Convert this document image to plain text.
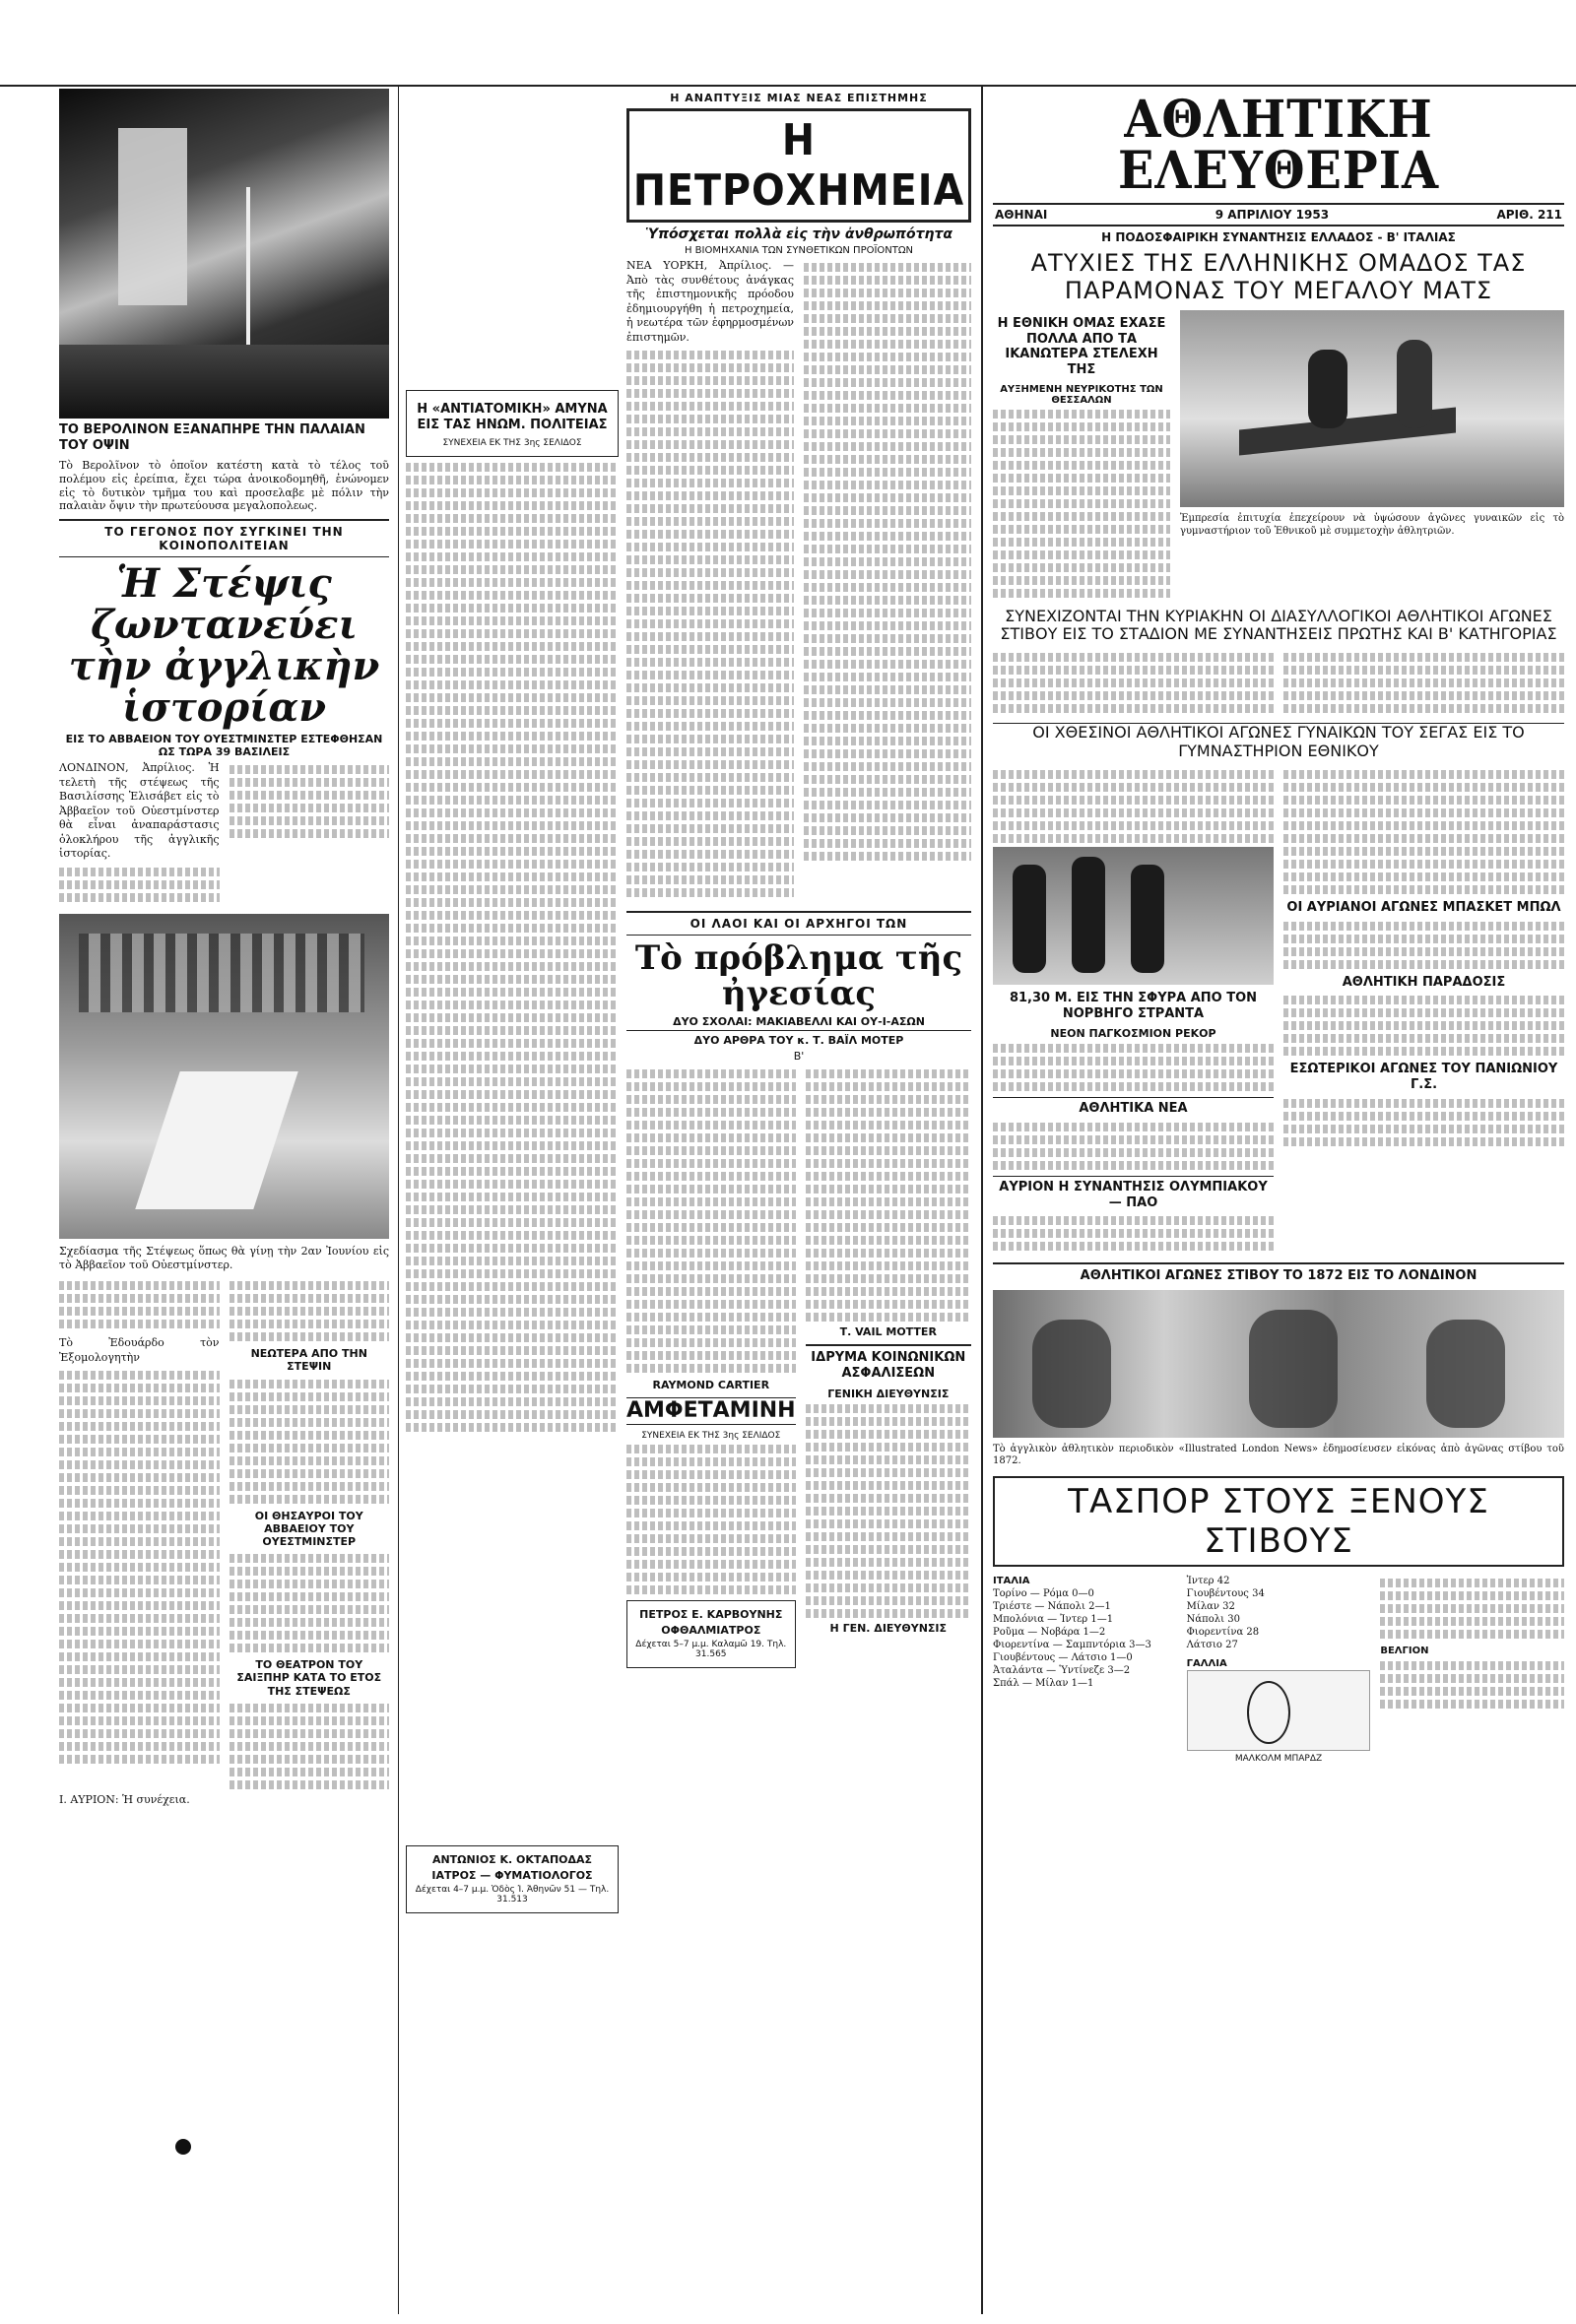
ΤΟ ΒΕΡΟΛΙΝΟΝ ΕΞΑΝΑΠΗΡΕ ΤΗΝ ΠΑΛΑΙΑΝ ΤΟΥ ΟΨΙΝ
Τὸ Βερολῖνον τὸ ὁποῖον κατέστη κατὰ τὸ τέλος τοῦ πολέμου εἰς ἐρείπια, ἔχει τώρα ἀνοικοδομηθῆ, ἐνώνομεν εἰς τὸ δυτικὸν τμῆμα του καὶ προσελαβε μὲ πόλιν τὴν παλαιὰν ὄψιν τὴν πρωτεύουσα μεγαλοπολεως.
ΤΟ ΓΕΓΟΝΟΣ ΠΟΥ ΣΥΓΚΙΝΕΙ ΤΗΝ ΚΟΙΝΟΠΟΛΙΤΕΙΑΝ
Ἡ Στέψις ζωντανεύει τὴν ἀγγλικὴν ἱστορίαν
ΕΙΣ ΤΟ ΑΒΒΑΕΙΟΝ ΤΟΥ ΟΥΕΣΤΜΙΝΣΤΕΡ ΕΣΤΕΦΘΗΣΑΝ ΩΣ ΤΩΡΑ 39 ΒΑΣΙΛΕΙΣ

ΛΟΝΔΙΝΟΝ, Ἀπρίλιος. Ἡ τελετὴ τῆς στέψεως τῆς Βασιλίσσης Ἐλισάβετ εἰς τὸ Ἀββαεῖον τοῦ Οὐεστμίνστερ θὰ εἶναι ἀναπαράστασις ὁλοκλήρου τῆς ἀγγλικῆς ἱστορίας.

Σχεδίασμα τῆς Στέψεως ὅπως θὰ γίνῃ τὴν 2αν Ἰουνίου εἰς τὸ Ἀββαεῖον τοῦ Οὐεστμίνστερ.

Τὸ Ἐδουάρδο τὸν Ἐξομολογητὴν	ΝΕΩΤΕΡΑ ΑΠΟ ΤΗΝ ΣΤΕΨΙΝ
ΟΙ ΘΗΣΑΥΡΟΙ ΤΟΥ ΑΒΒΑΕΙΟΥ ΤΟΥ ΟΥΕΣΤΜΙΝΣΤΕΡ
ΤΟ ΘΕΑΤΡΟΝ ΤΟΥ ΣΑΙΞΠΗΡ ΚΑΤΑ ΤΟ ΕΤΟΣ ΤΗΣ ΣΤΕΨΕΩΣ

Ι. ΑΥΡΙΟΝ: Ἡ συνέχεια.

Η «ΑΝΤΙΑΤΟΜΙΚΗ» ΑΜΥΝΑ ΕΙΣ ΤΑΣ ΗΝΩΜ. ΠΟΛΙΤΕΙΑΣ
ΣΥΝΕΧΕΙΑ ΕΚ ΤΗΣ 3ης ΣΕΛΙΔΟΣ
ΑΝΤΩΝΙΟΣ Κ. ΟΚΤΑΠΟΔΑΣ
ΙΑΤΡΟΣ — ΦΥΜΑΤΙΟΛΟΓΟΣ
Δέχεται 4–7 μ.μ. Ὁδὸς Ἰ. Ἀθηνῶν 51 — Τηλ. 31.513
Η ΑΝΑΠΤΥΞΙΣ ΜΙΑΣ ΝΕΑΣ ΕΠΙΣΤΗΜΗΣ
Η ΠΕΤΡΟΧΗΜΕΙΑ
Ὑπόσχεται πολλὰ εἰς τὴν ἀνθρωπότητα
Η ΒΙΟΜΗΧΑΝΙΑ ΤΩΝ ΣΥΝΘΕΤΙΚΩΝ ΠΡΟΪΟΝΤΩΝ

ΝΕΑ ΥΟΡΚΗ, Ἀπρίλιος. — Ἀπὸ τὰς συνθέτους ἀνάγκας τῆς ἐπιστημονικῆς πρόοδου ἐδημιουργήθη ἡ πετροχημεία, ἡ νεωτέρα τῶν ἐφηρμοσμένων ἐπιστημῶν.

ΟΙ ΛΑΟΙ ΚΑΙ ΟΙ ΑΡΧΗΓΟΙ ΤΩΝ
Τὸ πρόβλημα τῆς ἠγεσίας
ΔΥΟ ΣΧΟΛΑΙ: ΜΑΚΙΑΒΕΛΛΙ ΚΑΙ ΟΥ-Ι-ΑΣΩΝ
ΔΥΟ ΑΡΘΡΑ ΤΟΥ κ. Τ. ΒΑΪΛ ΜΟΤΕΡ
Β'
RAYMOND CARTIER
ΑΜΦΕΤΑΜΙΝΗ
ΣΥΝΕΧΕΙΑ ΕΚ ΤΗΣ 3ης ΣΕΛΙΔΟΣ
ΠΕΤΡΟΣ Ε. ΚΑΡΒΟΥΝΗΣ
ΟΦΘΑΛΜΙΑΤΡΟΣ
Δέχεται 5–7 μ.μ. Καλαμῶ 19. Τηλ. 31.565
Τ. VAIL MOTTER
ΙΔΡΥΜΑ ΚΟΙΝΩΝΙΚΩΝ ΑΣΦΑΛΙΣΕΩΝ
ΓΕΝΙΚΗ ΔΙΕΥΘΥΝΣΙΣ
Η ΓΕΝ. ΔΙΕΥΘΥΝΣΙΣ
ΑΘΛΗΤΙΚΗ ΕΛΕΥΘΕΡΙΑ
ΑΘΗΝΑΙ	9 ΑΠΡΙΛΙΟΥ 1953	ΑΡΙΘ. 211
Η ΠΟΔΟΣΦΑΙΡΙΚΗ ΣΥΝΑΝΤΗΣΙΣ ΕΛΛΑΔΟΣ - Β' ΙΤΑΛΙΑΣ
ΑΤΥΧΙΕΣ ΤΗΣ ΕΛΛΗΝΙΚΗΣ ΟΜΑΔΟΣ ΤΑΣ ΠΑΡΑΜΟΝΑΣ ΤΟΥ ΜΕΓΑΛΟΥ ΜΑΤΣ
Η ΕΘΝΙΚΗ ΟΜΑΣ ΕΧΑΣΕ ΠΟΛΛΑ ΑΠΟ ΤΑ ΙΚΑΝΩΤΕΡΑ ΣΤΕΛΕΧΗ ΤΗΣ
ΑΥΞΗΜΕΝΗ ΝΕΥΡΙΚΟΤΗΣ ΤΩΝ ΘΕΣΣΑΛΩΝ
Ἐμπρεσία ἐπιτυχία ἐπεχείρουν νὰ ὑψώσουν ἀγῶνες γυναικῶν εἰς τὸ γυμναστήριον τοῦ Ἐθνικοῦ μὲ συμμετοχὴν ἀθλητριῶν.
ΣΥΝΕΧΙΖΟΝΤΑΙ ΤΗΝ ΚΥΡΙΑΚΗΝ ΟΙ ΔΙΑΣΥΛΛΟΓΙΚΟΙ ΑΘΛΗΤΙΚΟΙ ΑΓΩΝΕΣ ΣΤΙΒΟΥ ΕΙΣ ΤΟ ΣΤΑΔΙΟΝ ΜΕ ΣΥΝΑΝΤΗΣΕΙΣ ΠΡΩΤΗΣ ΚΑΙ Β' ΚΑΤΗΓΟΡΙΑΣ
ΟΙ ΧΘΕΣΙΝΟΙ ΑΘΛΗΤΙΚΟΙ ΑΓΩΝΕΣ ΓΥΝΑΙΚΩΝ ΤΟΥ ΣΕΓΑΣ ΕΙΣ ΤΟ ΓΥΜΝΑΣΤΗΡΙΟΝ ΕΘΝΙΚΟΥ
81,30 Μ. ΕΙΣ ΤΗΝ ΣΦΥΡΑ ΑΠΟ ΤΟΝ ΝΟΡΒΗΓΟ ΣΤΡΑΝΤΑ
ΝΕΟΝ ΠΑΓΚΟΣΜΙΟΝ ΡΕΚΟΡ
ΑΘΛΗΤΙΚΑ ΝΕΑ
ΑΥΡΙΟΝ Η ΣΥΝΑΝΤΗΣΙΣ ΟΛΥΜΠΙΑΚΟΥ — ΠΑΟ
ΟΙ ΑΥΡΙΑΝΟΙ ΑΓΩΝΕΣ ΜΠΑΣΚΕΤ ΜΠΩΛ
ΑΘΛΗΤΙΚΗ ΠΑΡΑΔΟΣΙΣ
ΕΣΩΤΕΡΙΚΟΙ ΑΓΩΝΕΣ ΤΟΥ ΠΑΝΙΩΝΙΟΥ Γ.Σ.
ΑΘΛΗΤΙΚΟΙ ΑΓΩΝΕΣ ΣΤΙΒΟΥ ΤΟ 1872 ΕΙΣ ΤΟ ΛΟΝΔΙΝΟΝ
Τὸ ἀγγλικὸν ἀθλητικὸν περιοδικὸν «Illustrated London News» ἐδημοσίευσεν εἰκόνας ἀπὸ ἀγῶνας στίβου τοῦ 1872.
ΤΑΣΠΟΡ ΣΤΟΥΣ ΞΕΝΟΥΣ ΣΤΙΒΟΥΣ
ΙΤΑΛΙΑ
Τορίνο — Ρόμα 0—0
Τριέστε — Νάπολι 2—1
Μπολόνια — Ἰντερ 1—1
Ροῦμα — Νοβάρα 1—2
Φιορεντίνα — Σαμπντόρια 3—3
Γιουβέντους — Λάτσιο 1—0
Ἀταλάντα — Ὑντίνεζε 3—2
Σπάλ — Μίλαν 1—1
Ἰντερ 42
Γιουβέντους 34
Μίλαν 32
Νάπολι 30
Φιορεντίνα 28
Λάτσιο 27
ΓΑΛΛΙΑ
ΜΑΛΚΟΛΜ ΜΠΑΡΔΖ
ΒΕΛΓΙΟΝ
